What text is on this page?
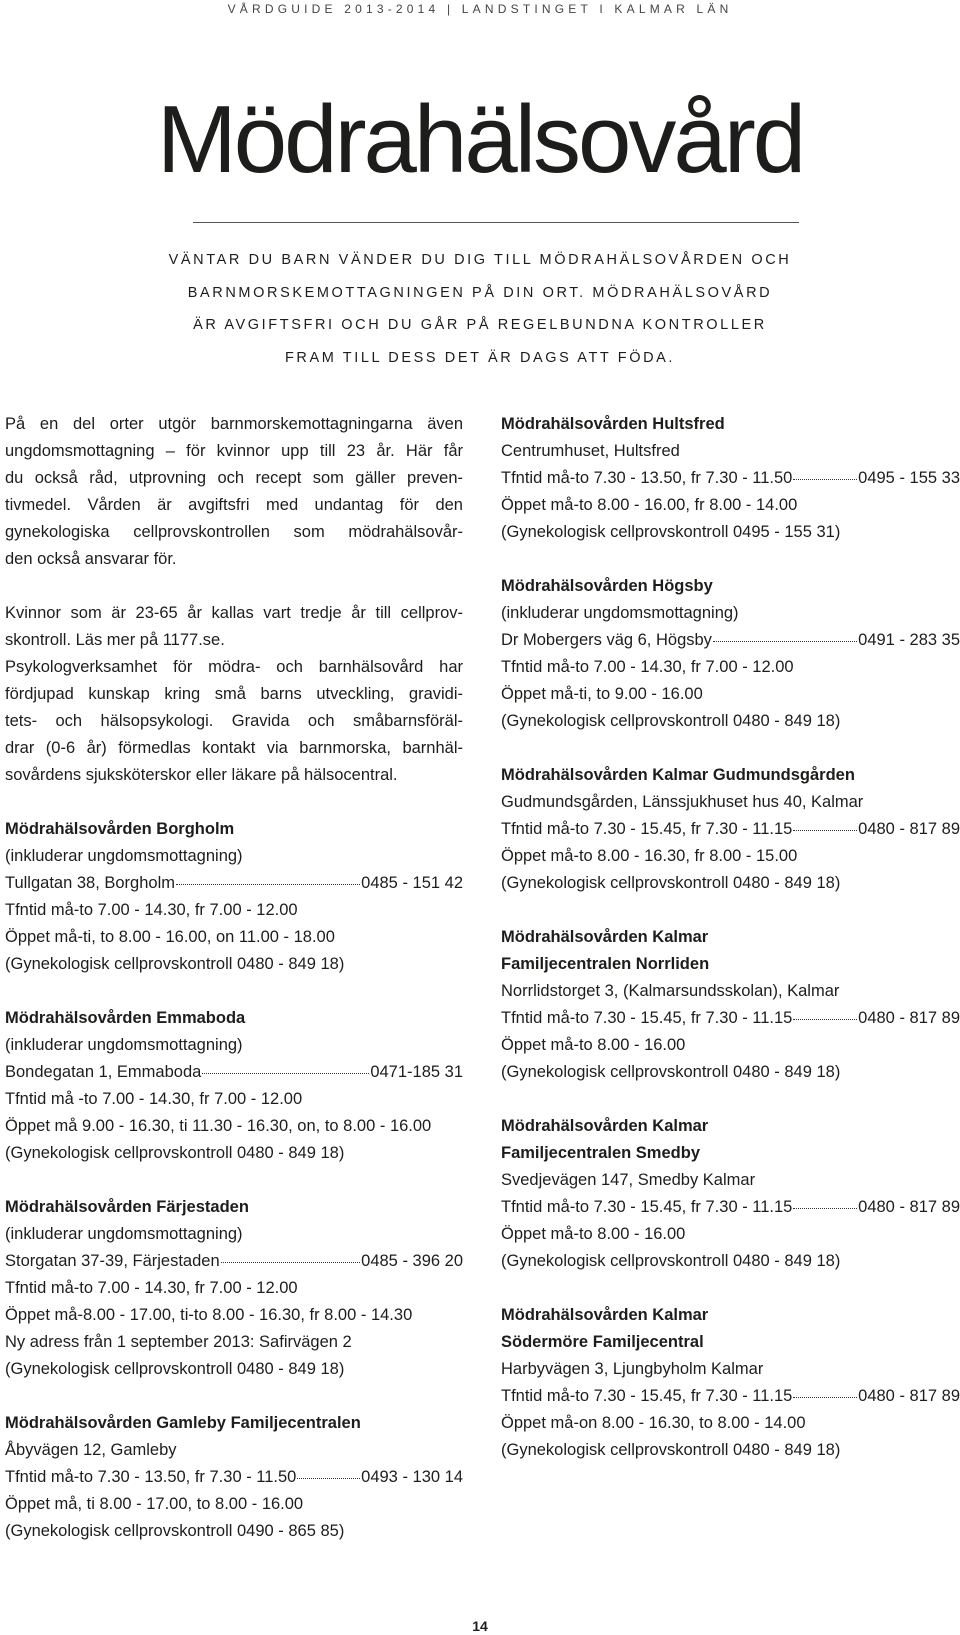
VÅRDGUIDE 2013-2014 | LANDSTINGET I KALMAR LÄN
Mödrahälsovård
VÄNTAR DU BARN VÄNDER DU DIG TILL MÖDRAHÄLSOVÅRDEN OCH
BARNMORSKEMOTTAGNINGEN PÅ DIN ORT. MÖDRAHÄLSOVÅRD
ÄR AVGIFTSFRI OCH DU GÅR PÅ REGELBUNDNA KONTROLLER
FRAM TILL DESS DET ÄR DAGS ATT FÖDA.
På en del orter utgör barnmorskemottagningarna även
ungdomsmottagning – för kvinnor upp till 23 år. Här får
du också råd, utprovning och recept som gäller preven-
tivmedel. Vården är avgiftsfri med undantag för den
gynekologiska cellprovskontrollen som mödrahälsovår-
den också ansvarar för.
Kvinnor som är 23-65 år kallas vart tredje år till cellprov-
skontroll. Läs mer på 1177.se.
Psykologverksamhet för mödra- och barnhälsovård har
fördjupad kunskap kring små barns utveckling, gravidi-
tets- och hälsopsykologi. Gravida och småbarnsföräl-
drar (0-6 år) förmedlas kontakt via barnmorska, barnhäl-
sovårdens sjuksköterskor eller läkare på hälsocentral.
Mödrahälsovården Borgholm
(inkluderar ungdomsmottagning)
Tullgatan 38, Borgholm	0485 - 151 42
Tfntid må-to 7.00 - 14.30, fr 7.00 - 12.00
Öppet må-ti, to 8.00 - 16.00, on 11.00 - 18.00
(Gynekologisk cellprovskontroll 0480 - 849 18)
Mödrahälsovården Emmaboda
(inkluderar ungdomsmottagning)
Bondegatan 1, Emmaboda	0471-185 31
Tfntid må -to 7.00 - 14.30, fr 7.00 - 12.00
Öppet må 9.00 - 16.30, ti 11.30 - 16.30, on, to 8.00 - 16.00
(Gynekologisk cellprovskontroll 0480 - 849 18)
Mödrahälsovården Färjestaden
(inkluderar ungdomsmottagning)
Storgatan 37-39, Färjestaden	0485 - 396 20
Tfntid må-to 7.00 - 14.30, fr 7.00 - 12.00
Öppet må-8.00 - 17.00, ti-to 8.00 - 16.30, fr 8.00 - 14.30
Ny adress från 1 september 2013: Safirvägen 2
(Gynekologisk cellprovskontroll 0480 - 849 18)
Mödrahälsovården Gamleby Familjecentralen
Åbyvägen 12, Gamleby
Tfntid må-to 7.30 - 13.50, fr 7.30 - 11.50	0493 - 130 14
Öppet må, ti 8.00 - 17.00, to 8.00 - 16.00
(Gynekologisk cellprovskontroll 0490 - 865 85)
Mödrahälsovården Hultsfred
Centrumhuset, Hultsfred
Tfntid må-to 7.30 - 13.50, fr 7.30 - 11.50	0495 - 155 33
Öppet må-to 8.00 - 16.00, fr 8.00 - 14.00
(Gynekologisk cellprovskontroll 0495 - 155 31)
Mödrahälsovården Högsby
(inkluderar ungdomsmottagning)
Dr Mobergers väg 6, Högsby	0491 - 283 35
Tfntid må-to 7.00 - 14.30, fr 7.00 - 12.00
Öppet må-ti, to 9.00 - 16.00
(Gynekologisk cellprovskontroll 0480 - 849 18)
Mödrahälsovården Kalmar Gudmundsgården
Gudmundsgården, Länssjukhuset hus 40, Kalmar
Tfntid må-to 7.30 - 15.45, fr 7.30 - 11.15	0480 - 817 89
Öppet må-to 8.00 - 16.30, fr 8.00 - 15.00
(Gynekologisk cellprovskontroll 0480 - 849 18)
Mödrahälsovården Kalmar
Familjecentralen Norrliden
Norrlidstorget 3, (Kalmarsundsskolan), Kalmar
Tfntid må-to 7.30 - 15.45, fr 7.30 - 11.15	0480 - 817 89
Öppet må-to 8.00 - 16.00
(Gynekologisk cellprovskontroll 0480 - 849 18)
Mödrahälsovården Kalmar
Familjecentralen Smedby
Svedjevägen 147, Smedby Kalmar
Tfntid må-to 7.30 - 15.45, fr 7.30 - 11.15	0480 - 817 89
Öppet må-to 8.00 - 16.00
(Gynekologisk cellprovskontroll 0480 - 849 18)
Mödrahälsovården Kalmar
Södermöre Familjecentral
Harbyvägen 3, Ljungbyholm Kalmar
Tfntid må-to 7.30 - 15.45, fr 7.30 - 11.15	0480 - 817 89
Öppet må-on 8.00 - 16.30, to 8.00 - 14.00
(Gynekologisk cellprovskontroll 0480 - 849 18)
14
